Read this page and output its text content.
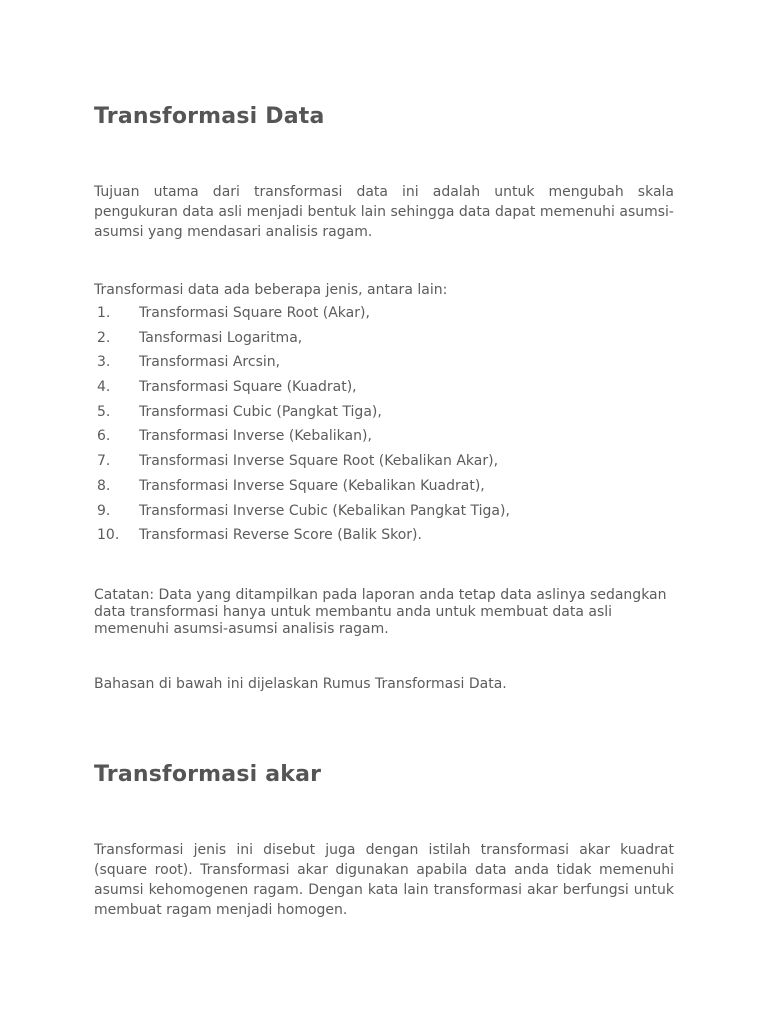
Transformasi Data

Tujuan utama dari transformasi data ini adalah untuk mengubah skala pengukuran data asli menjadi bentuk lain sehingga data dapat memenuhi asumsi-asumsi yang mendasari analisis ragam.

Transformasi data ada beberapa jenis, antara lain:

1.	Transformasi Square Root (Akar),
2.	Tansformasi Logaritma,
3.	Transformasi Arcsin,
4.	Transformasi Square (Kuadrat),
5.	Transformasi Cubic (Pangkat Tiga),
6.	Transformasi Inverse (Kebalikan),
7.	Transformasi Inverse Square Root (Kebalikan Akar),
8.	Transformasi Inverse Square (Kebalikan Kuadrat),
9.	Transformasi Inverse Cubic (Kebalikan Pangkat Tiga),
10.	Transformasi Reverse Score (Balik Skor).

Catatan: Data yang ditampilkan pada laporan anda tetap data aslinya sedangkan data transformasi hanya untuk membantu anda untuk membuat data asli memenuhi asumsi-asumsi analisis ragam.

Bahasan di bawah ini dijelaskan Rumus Transformasi Data.

Transformasi akar

Transformasi jenis ini disebut juga dengan istilah transformasi akar kuadrat (square root). Transformasi akar digunakan apabila data anda tidak memenuhi asumsi kehomogenen ragam. Dengan kata lain transformasi akar berfungsi untuk membuat ragam menjadi homogen.
